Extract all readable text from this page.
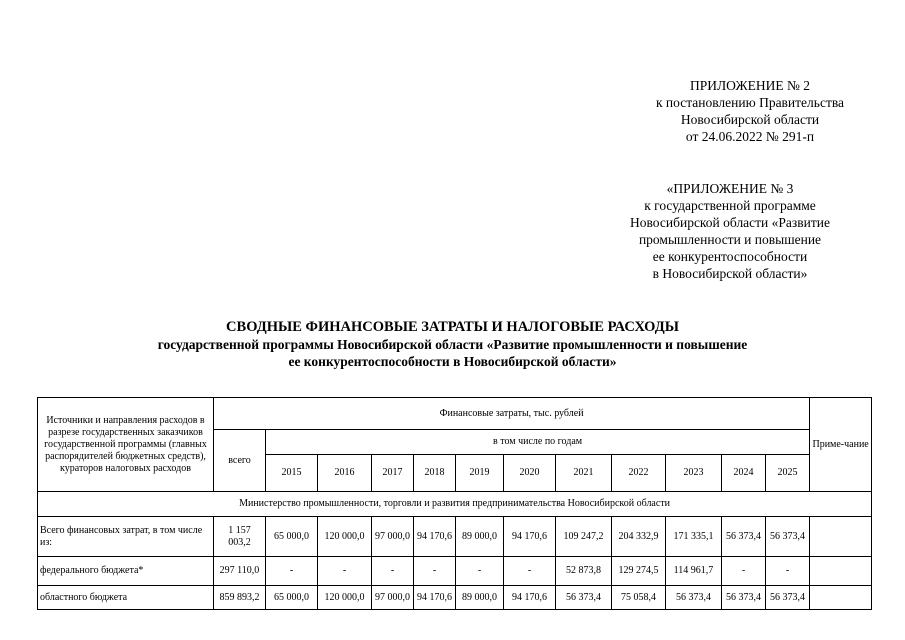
ПРИЛОЖЕНИЕ № 2
к постановлению Правительства
Новосибирской области
от 24.06.2022 № 291-п
«ПРИЛОЖЕНИЕ № 3
к государственной программе
Новосибирской области «Развитие
промышленности и повышение
ее конкурентоспособности
в Новосибирской области»
СВОДНЫЕ ФИНАНСОВЫЕ ЗАТРАТЫ И НАЛОГОВЫЕ РАСХОДЫ
государственной программы Новосибирской области «Развитие промышленности и повышение
ее конкурентоспособности в Новосибирской области»
Источники и направления расходов в разрезе государственных заказчиков государственной программы (главных распорядителей бюджетных средств), кураторов налоговых расходов	Финансовые затраты, тыс. рублей												Приме-чание
	всего	в том числе по годам											
		2015	2016	2017	2018	2019	2020	2021	2022	2023	2024	2025	
Министерство промышленности, торговли и развития предпринимательства Новосибирской области													
Всего финансовых затрат, в том числе из:	1 157 003,2	65 000,0	120 000,0	97 000,0	94 170,6	89 000,0	94 170,6	109 247,2	204 332,9	171 335,1	56 373,4	56 373,4	
федерального бюджета*	297 110,0	-	-	-	-	-	-	52 873,8	129 274,5	114 961,7	-	-	
областного бюджета	859 893,2	65 000,0	120 000,0	97 000,0	94 170,6	89 000,0	94 170,6	56 373,4	75 058,4	56 373,4	56 373,4	56 373,4	
